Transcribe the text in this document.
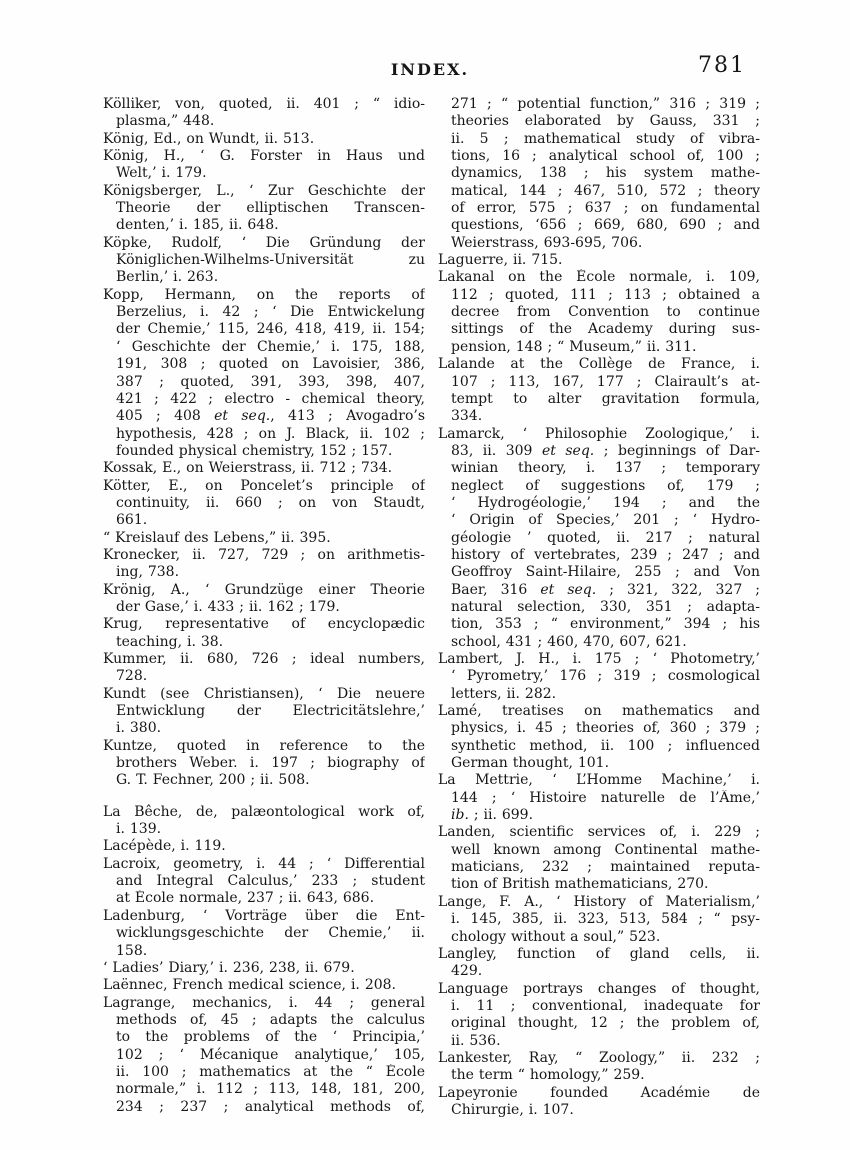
INDEX.	781
Kölliker, von, quoted, ii. 401 ; “ idio-
plasma,” 448.
König, Ed., on Wundt, ii. 513.
König, H., ‘ G. Forster in Haus und
Welt,’ i. 179.
Königsberger, L., ‘ Zur Geschichte der
Theorie der elliptischen Transcen-
denten,’ i. 185, ii. 648.
Köpke, Rudolf, ‘ Die Gründung der
Königlichen-Wilhelms-Universität zu
Berlin,’ i. 263.
Kopp, Hermann, on the reports of
Berzelius, i. 42 ; ‘ Die Entwickelung
der Chemie,’ 115, 246, 418, 419, ii. 154;
‘ Geschichte der Chemie,’ i. 175, 188,
191, 308 ; quoted on Lavoisier, 386,
387 ; quoted, 391, 393, 398, 407,
421 ; 422 ; electro - chemical theory,
405 ; 408 et seq., 413 ; Avogadro’s
hypothesis, 428 ; on J. Black, ii. 102 ;
founded physical chemistry, 152 ; 157.
Kossak, E., on Weierstrass, ii. 712 ; 734.
Kötter, E., on Poncelet’s principle of
continuity, ii. 660 ; on von Staudt,
661.
“ Kreislauf des Lebens,” ii. 395.
Kronecker, ii. 727, 729 ; on arithmetis-
ing, 738.
Krönig, A., ‘ Grundzüge einer Theorie
der Gase,’ i. 433 ; ii. 162 ; 179.
Krug, representative of encyclopædic
teaching, i. 38.
Kummer, ii. 680, 726 ; ideal numbers,
728.
Kundt (see Christiansen), ‘ Die neuere
Entwicklung der Electricitätslehre,’
i. 380.
Kuntze, quoted in reference to the
brothers Weber. i. 197 ; biography of
G. T. Fechner, 200 ; ii. 508.
La Bêche, de, palæontological work of,
i. 139.
Lacépède, i. 119.
Lacroix, geometry, i. 44 ; ‘ Differential
and Integral Calculus,’ 233 ; student
at École normale, 237 ; ii. 643, 686.
Ladenburg, ‘ Vorträge über die Ent-
wicklungsgeschichte der Chemie,’ ii.
158.
‘ Ladies’ Diary,’ i. 236, 238, ii. 679.
Laënnec, French medical science, i. 208.
Lagrange, mechanics, i. 44 ; general
methods of, 45 ; adapts the calculus
to the problems of the ‘ Principia,’
102 ; ‘ Mécanique analytique,’ 105,
ii. 100 ; mathematics at the “ École
normale,” i. 112 ; 113, 148, 181, 200,
234 ; 237 ; analytical methods of,
271 ; “ potential function,” 316 ; 319 ;
theories elaborated by Gauss, 331 ;
ii. 5 ; mathematical study of vibra-
tions, 16 ; analytical school of, 100 ;
dynamics, 138 ; his system mathe-
matical, 144 ; 467, 510, 572 ; theory
of error, 575 ; 637 ; on fundamental
questions, ‘656 ; 669, 680, 690 ; and
Weierstrass, 693-695, 706.
Laguerre, ii. 715.
Lakanal on the École normale, i. 109,
112 ; quoted, 111 ; 113 ; obtained a
decree from Convention to continue
sittings of the Academy during sus-
pension, 148 ; “ Museum,” ii. 311.
Lalande at the Collège de France, i.
107 ; 113, 167, 177 ; Clairault’s at-
tempt to alter gravitation formula,
334.
Lamarck, ‘ Philosophie Zoologique,’ i.
83, ii. 309 et seq. ; beginnings of Dar-
winian theory, i. 137 ; temporary
neglect of suggestions of, 179 ;
‘ Hydrogéologie,’ 194 ; and the
‘ Origin of Species,’ 201 ; ‘ Hydro-
géologie ’ quoted, ii. 217 ; natural
history of vertebrates, 239 ; 247 ; and
Geoffroy Saint-Hilaire, 255 ; and Von
Baer, 316 et seq. ; 321, 322, 327 ;
natural selection, 330, 351 ; adapta-
tion, 353 ; “ environment,” 394 ; his
school, 431 ; 460, 470, 607, 621.
Lambert, J. H., i. 175 ; ‘ Photometry,’
‘ Pyrometry,’ 176 ; 319 ; cosmological
letters, ii. 282.
Lamé, treatises on mathematics and
physics, i. 45 ; theories of, 360 ; 379 ;
synthetic method, ii. 100 ; influenced
German thought, 101.
La Mettrie, ‘ L’Homme Machine,’ i.
144 ; ‘ Histoire naturelle de l’Âme,’
ib. ; ii. 699.
Landen, scientific services of, i. 229 ;
well known among Continental mathe-
maticians, 232 ; maintained reputa-
tion of British mathematicians, 270.
Lange, F. A., ‘ History of Materialism,’
i. 145, 385, ii. 323, 513, 584 ; “ psy-
chology without a soul,” 523.
Langley, function of gland cells, ii.
429.
Language portrays changes of thought,
i. 11 ; conventional, inadequate for
original thought, 12 ; the problem of,
ii. 536.
Lankester, Ray, “ Zoology,” ii. 232 ;
the term “ homology,” 259.
Lapeyronie founded Académie de
Chirurgie, i. 107.
